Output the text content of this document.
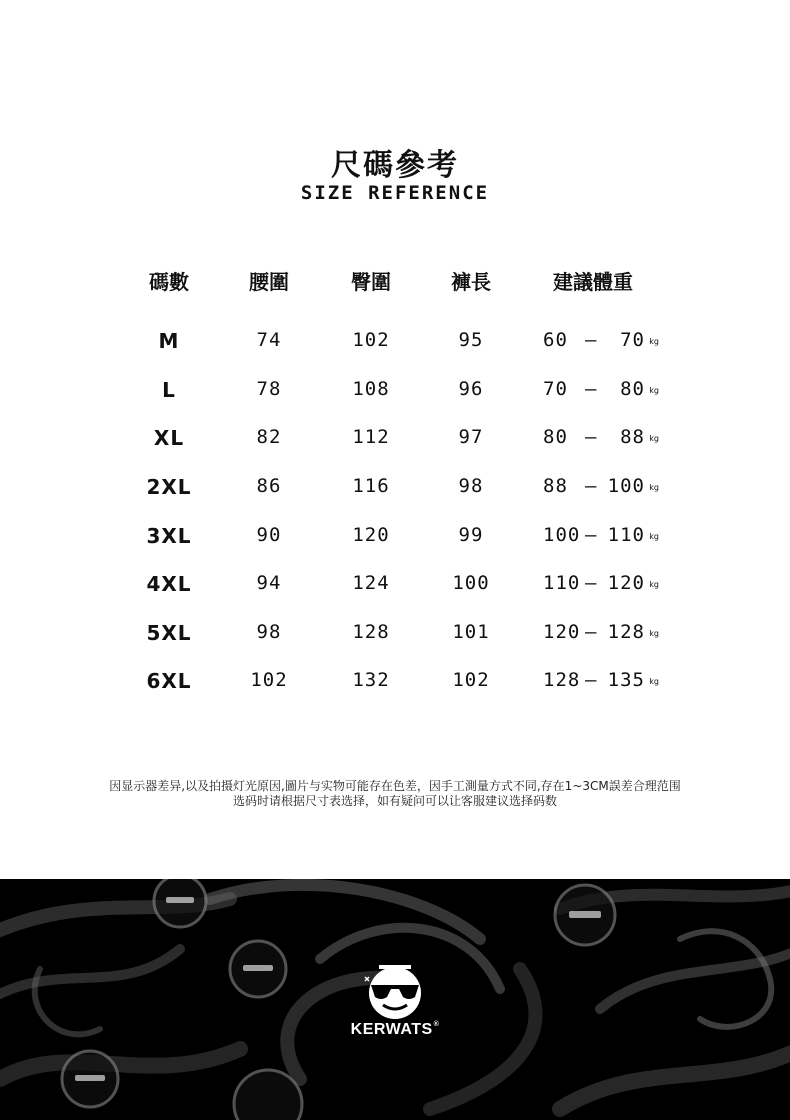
尺碼參考
SIZE REFERENCE
碼數	腰圍	臀圍	褲長	建議體重
M	74	102	95	60 – 70 kg
L	78	108	96	70 – 80 kg
XL	82	112	97	80 – 88 kg
2XL	86	116	98	88 – 100 kg
3XL	90	120	99	100 – 110 kg
4XL	94	124	100	110 – 120 kg
5XL	98	128	101	120 – 128 kg
6XL	102	132	102	128 – 135 kg
因显示器差异,以及拍摄灯光原因,圖片与实物可能存在色差，因手工測量方式不同,存在1~3CM誤差合理范围
选码时请根据尺寸表选择，如有疑问可以让客服建议选择码数
KERWATS®
